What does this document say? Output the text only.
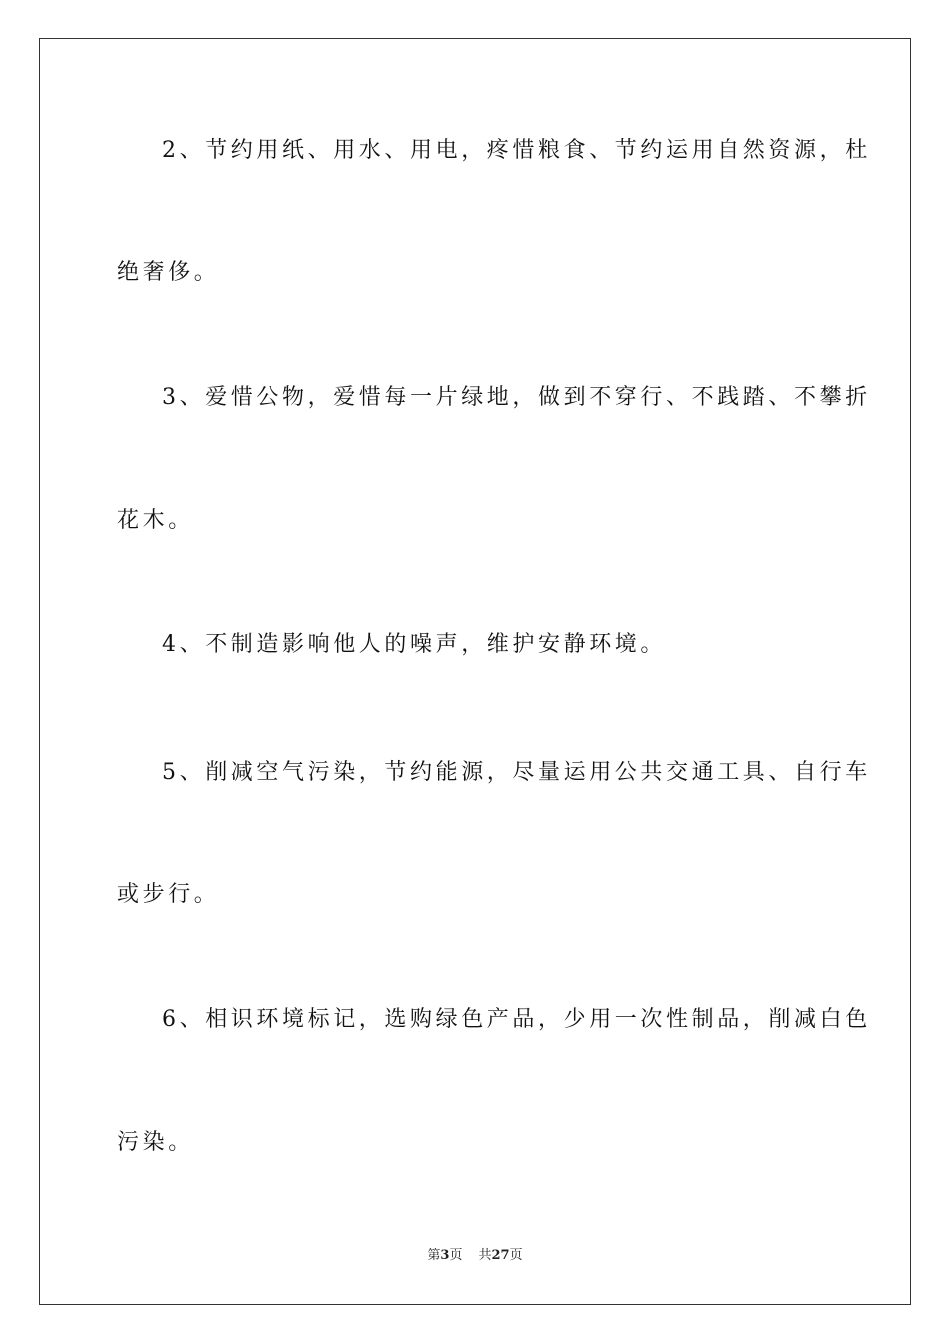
2、节约用纸、用水、用电，疼惜粮食、节约运用自然资源，杜
绝奢侈。
3、爱惜公物，爱惜每一片绿地，做到不穿行、不践踏、不攀折
花木。
4、不制造影响他人的噪声，维护安静环境。
5、削减空气污染，节约能源，尽量运用公共交通工具、自行车
或步行。
6、相识环境标记，选购绿色产品，少用一次性制品，削减白色
污染。
第3页 共27页
